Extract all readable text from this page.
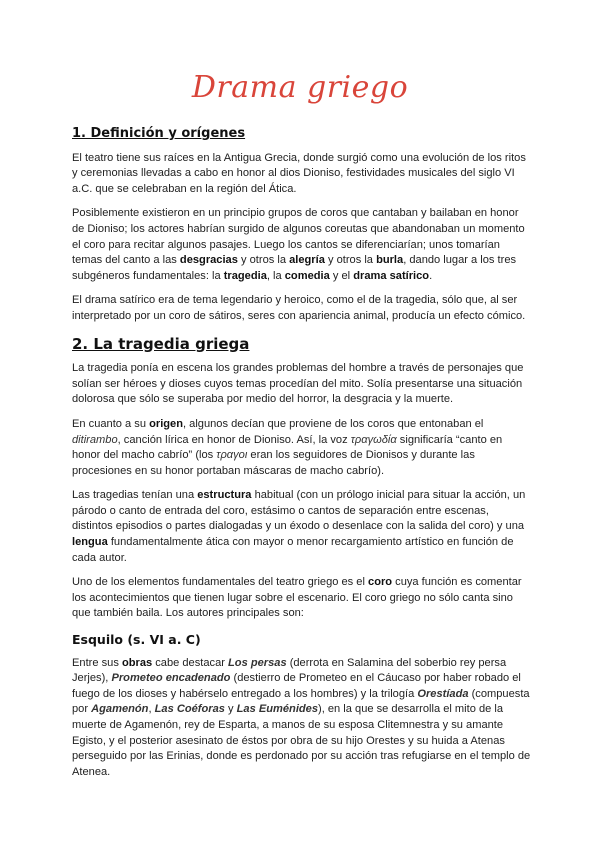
Drama griego
1. Definición y orígenes

El teatro tiene sus raíces en la Antigua Grecia, donde surgió como una evolución de los ritos y ceremonias llevadas a cabo en honor al dios Dioniso, festividades musicales del siglo VI a.C. que se celebraban en la región del Ática.

Posiblemente existieron en un principio grupos de coros que cantaban y bailaban en honor de Dioniso; los actores habrían surgido de algunos coreutas que abandonaban un momento el coro para recitar algunos pasajes. Luego los cantos se diferenciarían; unos tomarían temas del canto a las desgracias y otros la alegría y otros la burla, dando lugar a los tres subgéneros fundamentales: la tragedia, la comedia y el drama satírico.

El drama satírico era de tema legendario y heroico, como el de la tragedia, sólo que, al ser interpretado por un coro de sátiros, seres con apariencia animal, producía un efecto cómico.

2. La tragedia griega

La tragedia ponía en escena los grandes problemas del hombre a través de personajes que solían ser héroes y dioses cuyos temas procedían del mito. Solía presentarse una situación dolorosa que sólo se superaba por medio del horror, la desgracia y la muerte.

En cuanto a su origen, algunos decían que proviene de los coros que entonaban el ditirambo, canción lírica en honor de Dioniso. Así, la voz τραγωδία significaría “canto en honor del macho cabrío” (los τραγοι eran los seguidores de Dionisos y durante las procesiones en su honor portaban máscaras de macho cabrío).

Las tragedias tenían una estructura habitual (con un prólogo inicial para situar la acción, un párodo o canto de entrada del coro, estásimo o cantos de separación entre escenas, distintos episodios o partes dialogadas y un éxodo o desenlace con la salida del coro) y una lengua fundamentalmente ática con mayor o menor recargamiento artístico en función de cada autor.

Uno de los elementos fundamentales del teatro griego es el coro cuya función es comentar los acontecimientos que tienen lugar sobre el escenario. El coro griego no sólo canta sino que también baila. Los autores principales son:

Esquilo (s. VI a. C)

Entre sus obras cabe destacar Los persas (derrota en Salamina del soberbio rey persa Jerjes), Prometeo encadenado (destierro de Prometeo en el Cáucaso por haber robado el fuego de los dioses y habérselo entregado a los hombres) y la trilogía Orestíada (compuesta por Agamenón, Las Coéforas y Las Euménides), en la que se desarrolla el mito de la muerte de Agamenón, rey de Esparta, a manos de su esposa Clitemnestra y su amante Egisto, y el posterior asesinato de éstos por obra de su hijo Orestes y su huida a Atenas perseguido por las Erinias, donde es perdonado por su acción tras refugiarse en el templo de Atenea.
